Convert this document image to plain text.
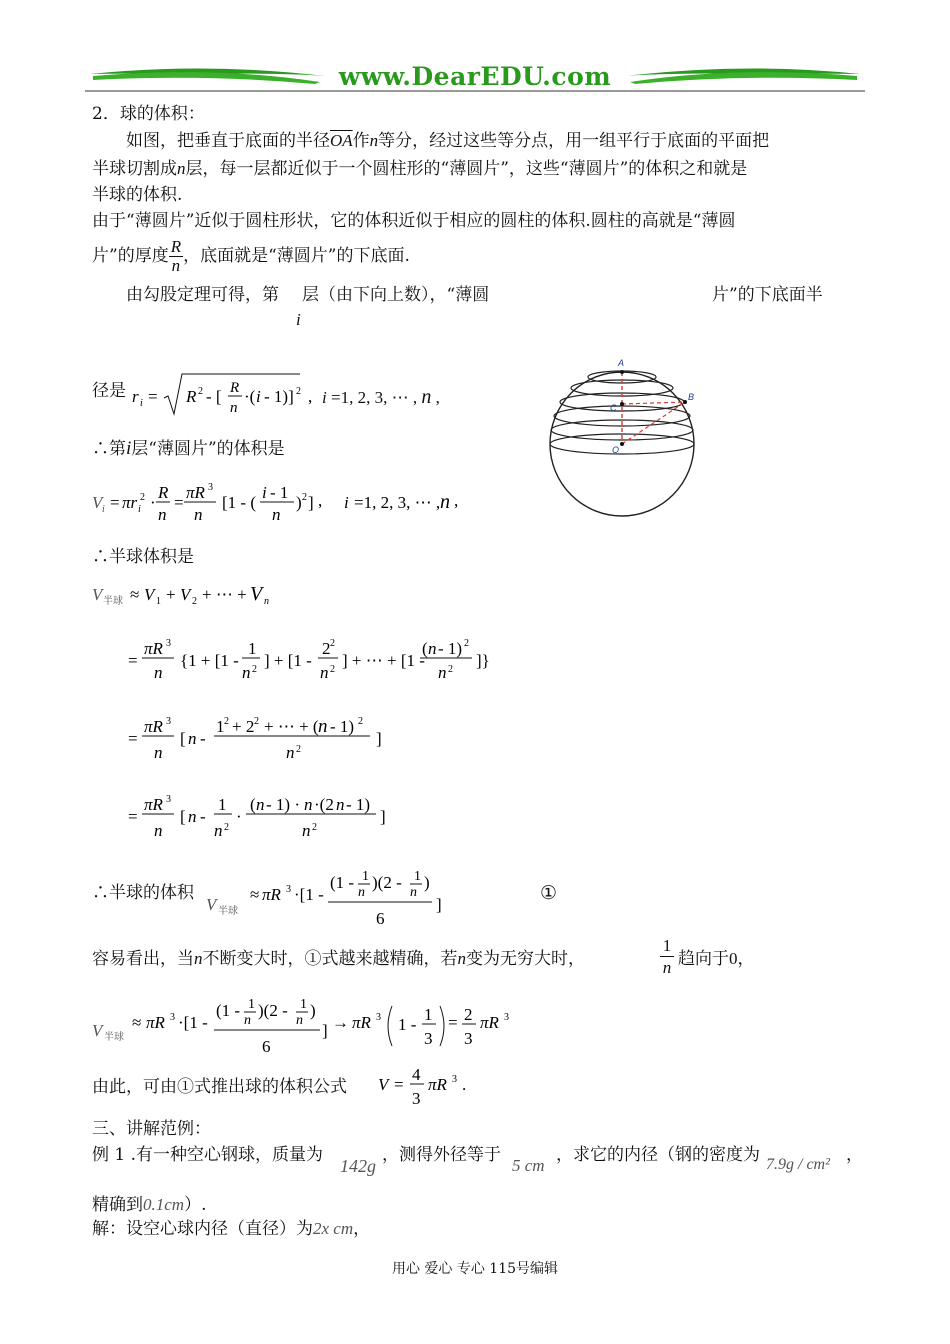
www.DearEDU.com
2．球的体积：
如图，把垂直于底面的半径$\overline{OA}$作n等分，经过这些等分点，用一组平行于底面的平面把
半球切割成n层，每一层都近似于一个圆柱形的“薄圆片”，这些“薄圆片”的体积之和就是
半球的体积.
由于“薄圆片”近似于圆柱形状，它的体积近似于相应的圆柱的体积.圆柱的高就是“薄圆
片”的厚度 $\frac{R}{n}$ ，底面就是“薄圆片”的下底面.
由勾股定理可得，第 层（由下向上数），“薄圆	片”的下底面半
i
径是 r i = R 2 - [ R
n
·( i - 1)] 2 , i =1, 2, 3, ⋯ , n ,
∴第i层“薄圆片”的体积是
V i = πr i
2 ·
R
n
=
πR 3
n
[1 - (
i - 1
n
) 2 ] , i =1, 2, 3, ⋯ , n ,
∴半球体积是
V 半球 ≈ V 1 + V 2 + ⋯ + V n
=
πR 3
n
{1 + [1 -
1
n 2 ] + [1 -
2 2
n 2 ] + ⋯ + [1 -
( n - 1) 2
n 2 ]}
=
πR 3
n
[ n -
1 2 + 2 2 + ⋯ + ( n - 1) 2
n 2
]
=
πR 3
n
[ n -
1
n 2
·
( n - 1) · n ·(2 n - 1)
n 2
]
∴半球的体积
V 半球
≈ πR 3 ·[1 -
(1 - 1
n
)(2 - 1
n
)
6
]
①
容易看出，当n不断变大时，①式越来越精确，若n变为无穷大时，
1
n 趋向于0，
V 半球
≈ πR 3 ·[1 -
(1 - 1
n
)(2 - 1
n
)
6
] → πR 3 1 -
1
3
= 2
3
πR 3
由此，可由①式推出球的体积公式 V =
4
3
πR 3 .
三、讲解范例：
例 1 .有一种空心钢球，质量为
142g
，测得外径等于
5 cm
，求它的内径（钢的密度为 7.9g / cm² ，
精确到0.1cm）.
解：设空心球内径（直径）为2x cm，
用心 爱心 专心 115号编辑
A
B
C
O
